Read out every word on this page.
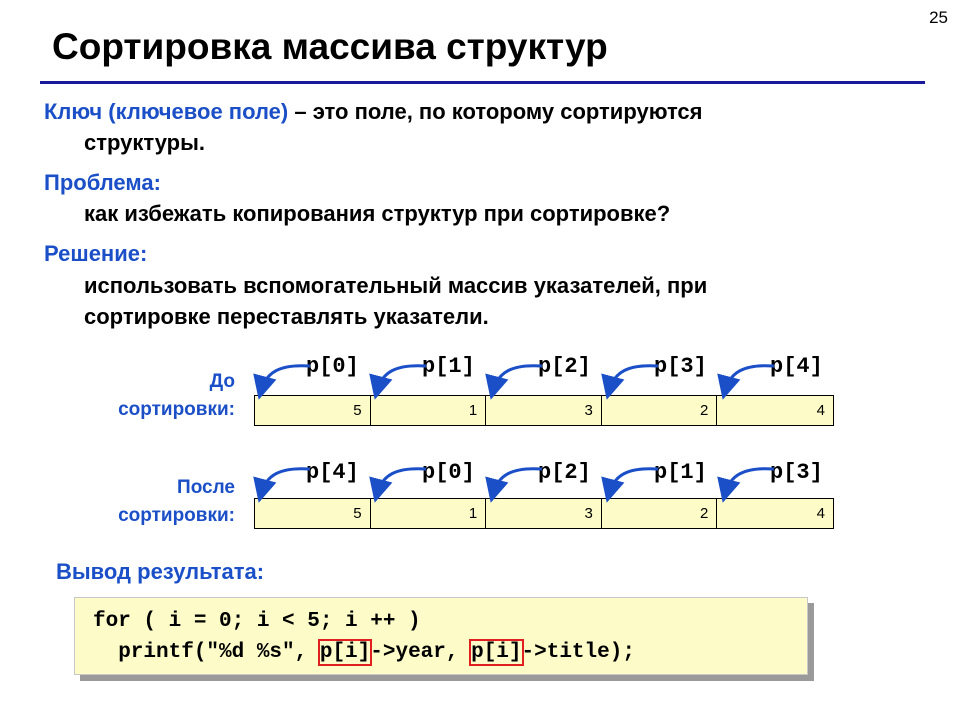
25
Сортировка массива структур
Ключ (ключевое поле) – это поле, по которому сортируются
структуры.
Проблема:
как избежать копирования структур при сортировке?
Решение:
использовать вспомогательный массив указателей, при
сортировке переставлять указатели.
До
сортировки:
p[0]	p[1]	p[2]	p[3]	p[4]
5	1	3	2	4
После
сортировки:
p[4]	p[0]	p[2]	p[1]	p[3]
5	1	3	2	4
Вывод результата:
for ( i = 0; i < 5; i ++ )
printf("%d %s", p[i]->year, p[i]->title);
